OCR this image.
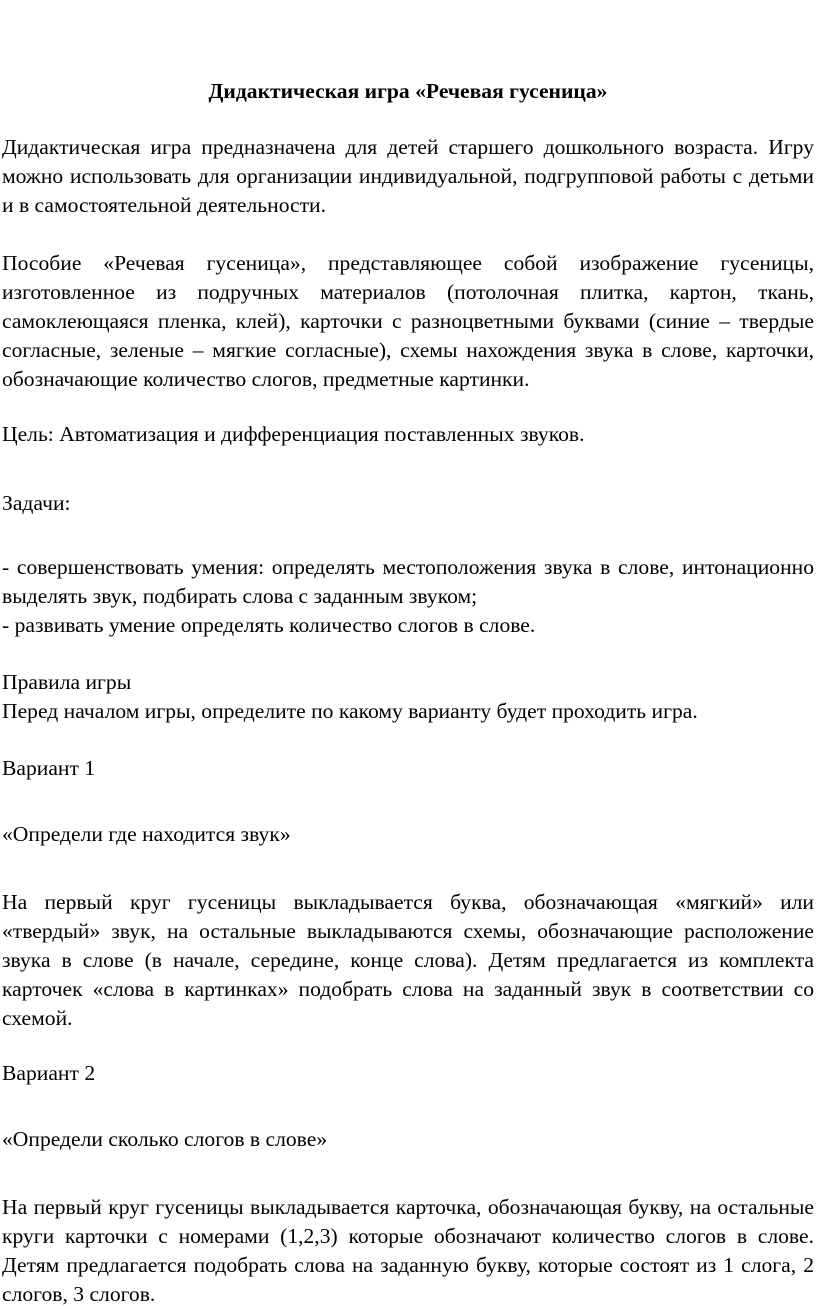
Дидактическая игра «Речевая гусеница»

Дидактическая игра предназначена для детей старшего дошкольного возраста. Игру можно использовать для организации индивидуальной, подгрупповой работы с детьми и в самостоятельной деятельности.

Пособие «Речевая гусеница», представляющее собой изображение гусеницы, изготовленное из подручных материалов (потолочная плитка, картон, ткань, самоклеющаяся пленка, клей), карточки с разноцветными буквами (синие – твердые согласные, зеленые – мягкие согласные), схемы нахождения звука в слове, карточки, обозначающие количество слогов, предметные картинки.

Цель: Автоматизация и дифференциация поставленных звуков.

Задачи:

- совершенствовать умения: определять местоположения звука в слове, интонационно выделять звук, подбирать слова с заданным звуком;

- развивать умение определять количество слогов в слове.

Правила игры

Перед началом игры, определите по какому варианту будет проходить игра.

Вариант 1

«Определи где находится звук»

На первый круг гусеницы выкладывается буква, обозначающая «мягкий» или «твердый» звук, на остальные выкладываются схемы, обозначающие расположение звука в слове (в начале, середине, конце слова). Детям предлагается из комплекта карточек «слова в картинках» подобрать слова на заданный звук в соответствии со схемой.

Вариант 2

«Определи сколько слогов в слове»

На первый круг гусеницы выкладывается карточка, обозначающая букву, на остальные круги карточки с номерами (1,2,3) которые обозначают количество слогов в слове. Детям предлагается подобрать слова на заданную букву, которые состоят из 1 слога, 2 слогов, 3 слогов.
